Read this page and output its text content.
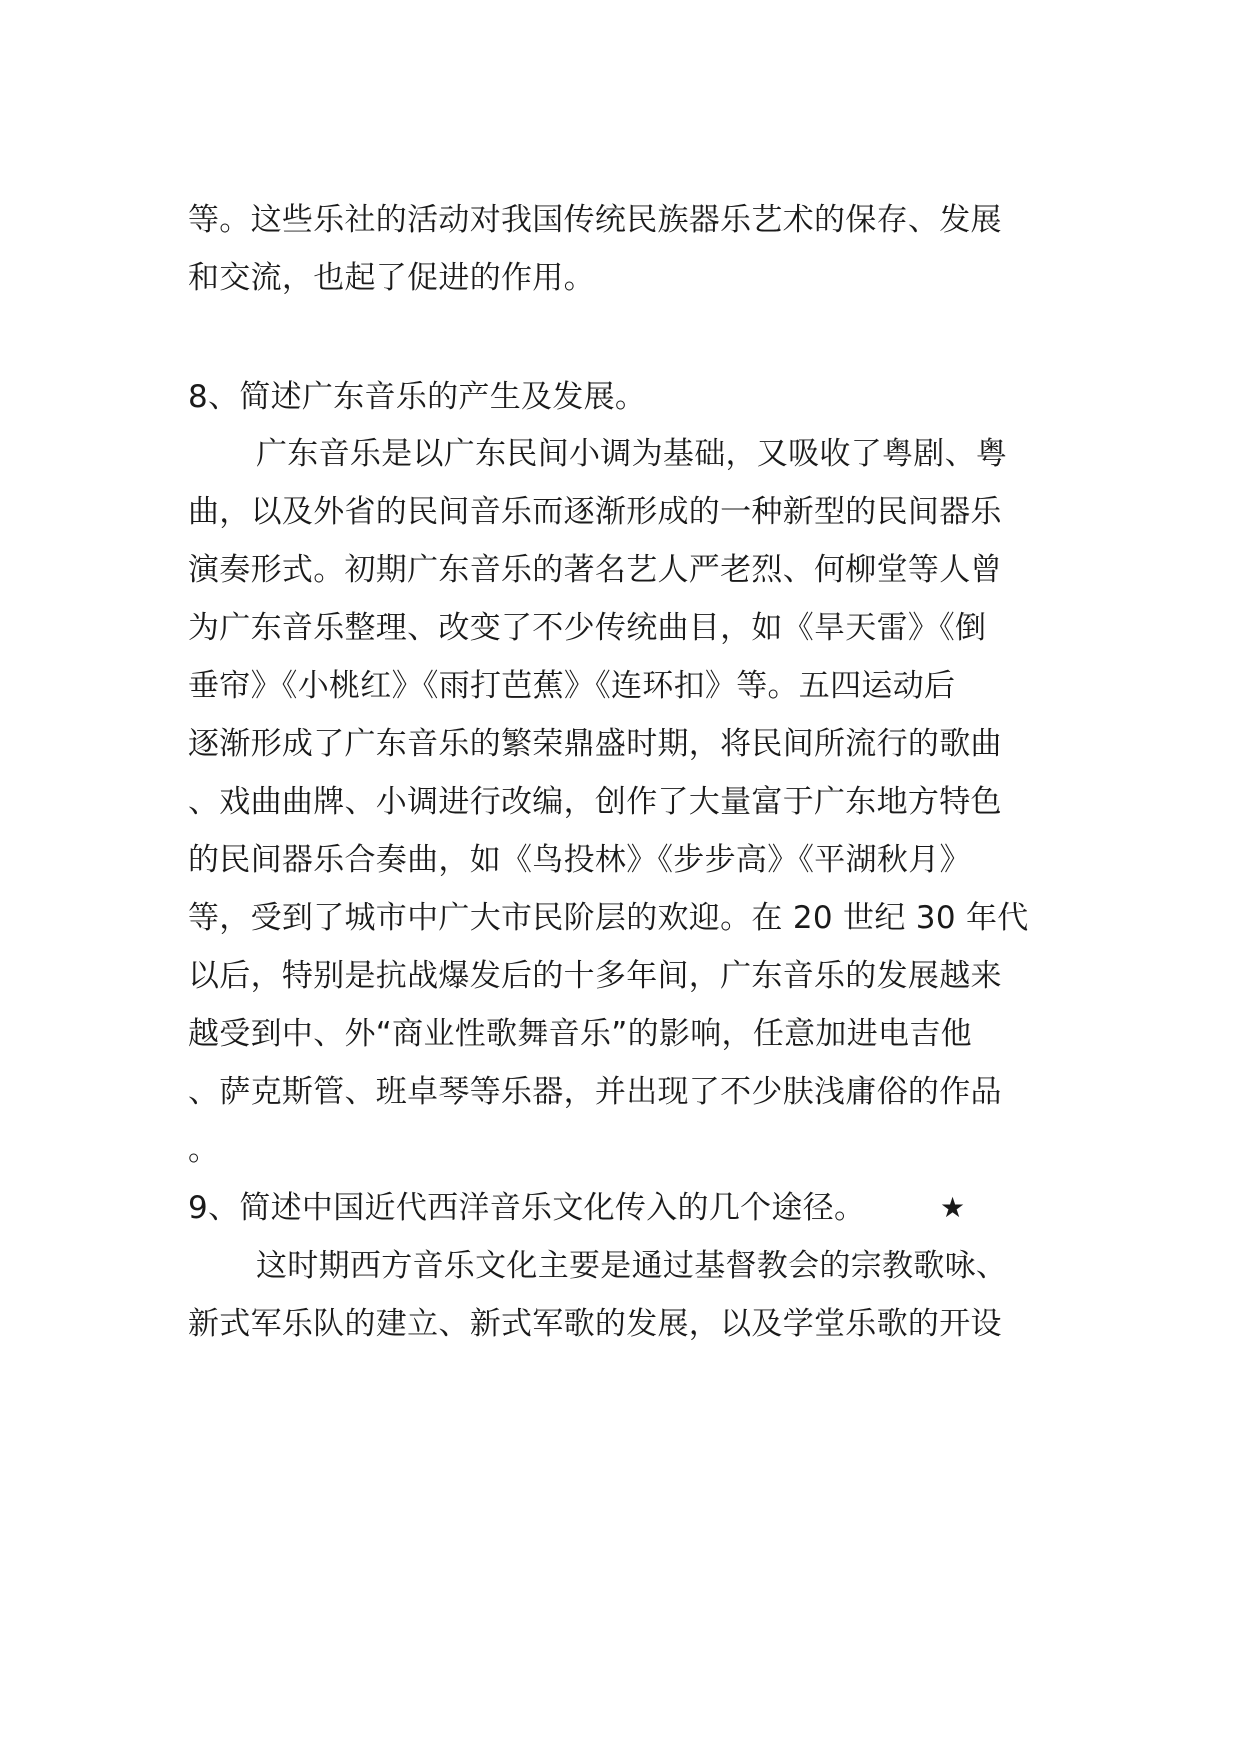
等。这些乐社的活动对我国传统民族器乐艺术的保存、发展
和交流，也起了促进的作用。
8、简述广东音乐的产生及发展。
广东音乐是以广东民间小调为基础，又吸收了粤剧、粤
曲，以及外省的民间音乐而逐渐形成的一种新型的民间器乐
演奏形式。初期广东音乐的著名艺人严老烈、何柳堂等人曾
为广东音乐整理、改变了不少传统曲目，如《旱天雷》《倒
垂帘》《小桃红》《雨打芭蕉》《连环扣》等。五四运动后
逐渐形成了广东音乐的繁荣鼎盛时期，将民间所流行的歌曲
、戏曲曲牌、小调进行改编，创作了大量富于广东地方特色
的民间器乐合奏曲，如《鸟投林》《步步高》《平湖秋月》
等，受到了城市中广大市民阶层的欢迎。在 20 世纪 30 年代
以后，特别是抗战爆发后的十多年间，广东音乐的发展越来
越受到中、外“商业性歌舞音乐”的影响，任意加进电吉他
、萨克斯管、班卓琴等乐器，并出现了不少肤浅庸俗的作品
。
9、简述中国近代西洋音乐文化传入的几个途径。	★
这时期西方音乐文化主要是通过基督教会的宗教歌咏、
新式军乐队的建立、新式军歌的发展，以及学堂乐歌的开设
